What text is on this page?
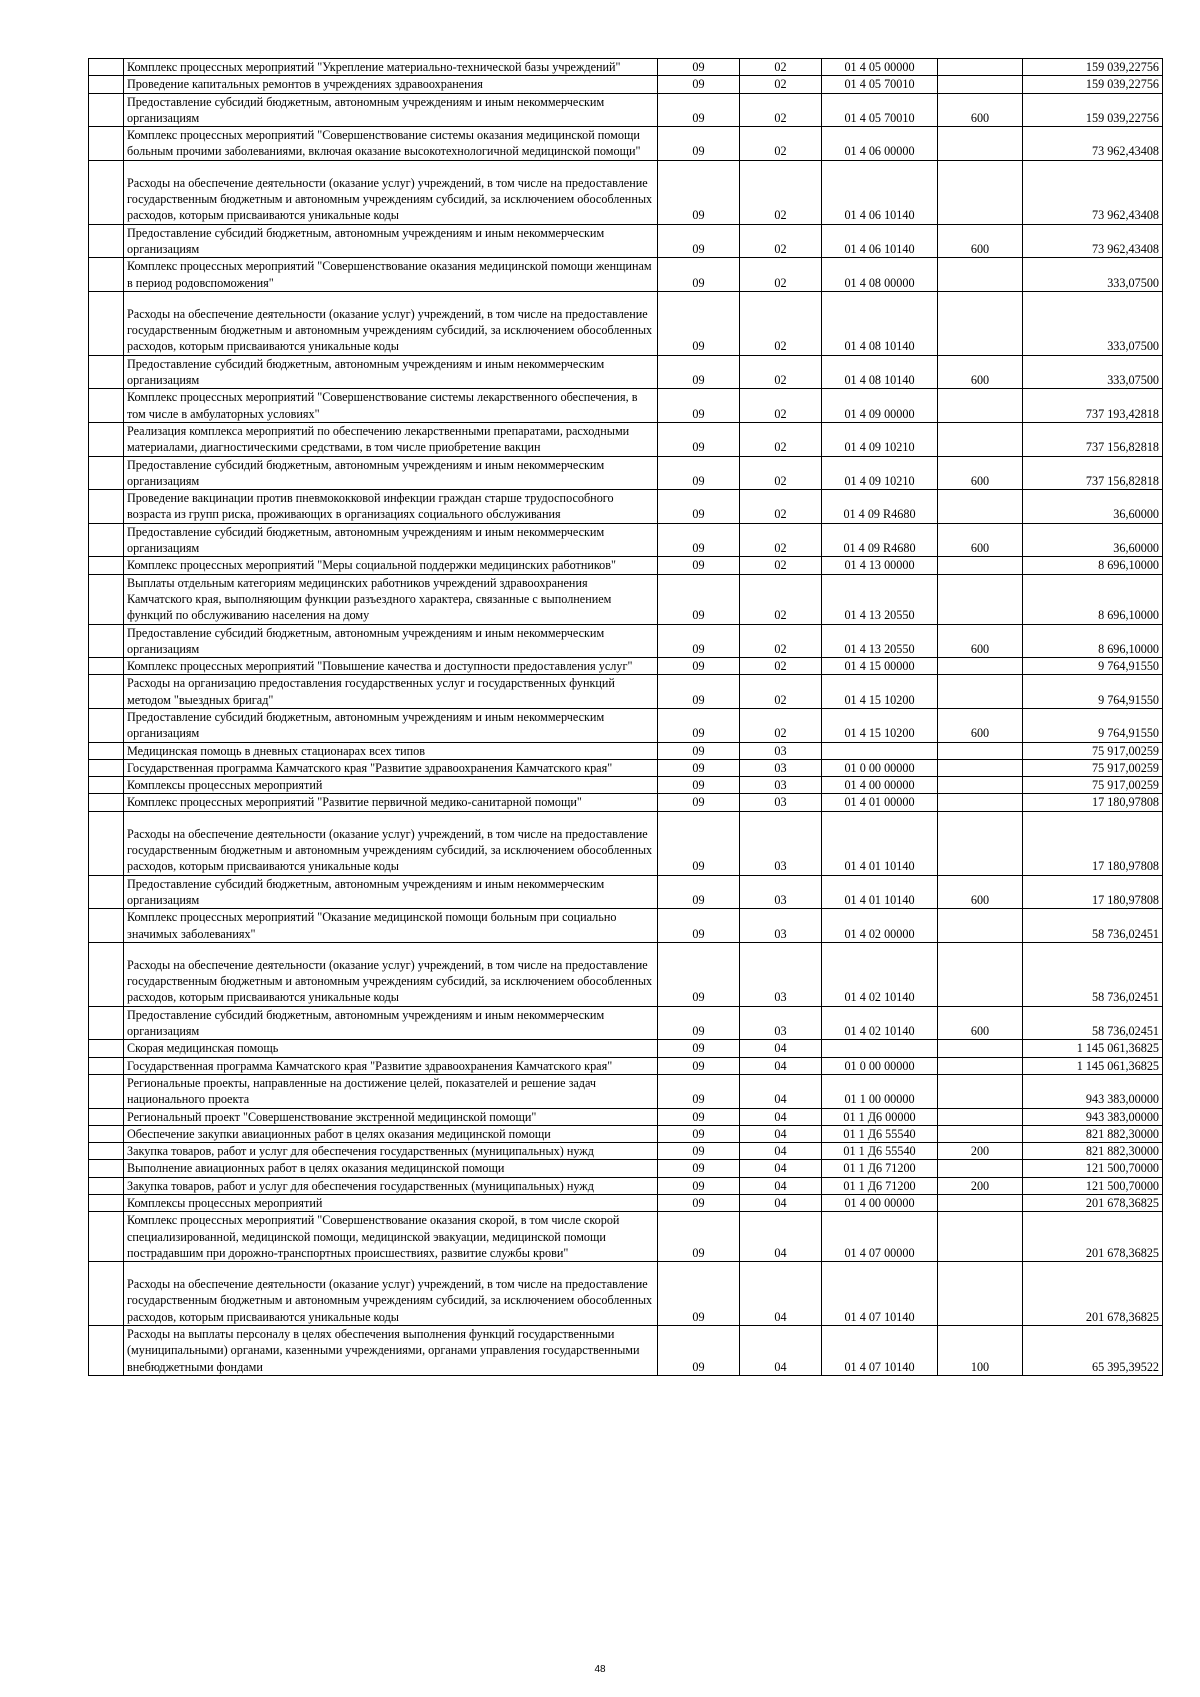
	Комплекс процессных мероприятий "Укрепление материально-технической базы учреждений"	09	02	01 4 05 00000		159 039,22756
	Проведение капитальных ремонтов в учреждениях здравоохранения	09	02	01 4 05 70010		159 039,22756
	Предоставление субсидий бюджетным, автономным учреждениям и иным некоммерческим организациям	09	02	01 4 05 70010	600	159 039,22756
	Комплекс процессных мероприятий "Совершенствование системы оказания медицинской помощи больным прочими заболеваниями, включая оказание высокотехнологичной медицинской помощи"	09	02	01 4 06 00000		73 962,43408
	Расходы на обеспечение деятельности (оказание услуг) учреждений, в том числе на предоставление государственным бюджетным и автономным учреждениям субсидий, за исключением обособленных расходов, которым присваиваются уникальные коды	09	02	01 4 06 10140		73 962,43408
	Предоставление субсидий бюджетным, автономным учреждениям и иным некоммерческим организациям	09	02	01 4 06 10140	600	73 962,43408
	Комплекс процессных мероприятий "Совершенствование оказания медицинской помощи женщинам в период родовспоможения"	09	02	01 4 08 00000		333,07500
	Расходы на обеспечение деятельности (оказание услуг) учреждений, в том числе на предоставление государственным бюджетным и автономным учреждениям субсидий, за исключением обособленных расходов, которым присваиваются уникальные коды	09	02	01 4 08 10140		333,07500
	Предоставление субсидий бюджетным, автономным учреждениям и иным некоммерческим организациям	09	02	01 4 08 10140	600	333,07500
	Комплекс процессных мероприятий "Совершенствование системы лекарственного обеспечения, в том числе в амбулаторных условиях"	09	02	01 4 09 00000		737 193,42818
	Реализация комплекса мероприятий по обеспечению лекарственными препаратами, расходными материалами, диагностическими средствами, в том числе приобретение вакцин	09	02	01 4 09 10210		737 156,82818
	Предоставление субсидий бюджетным, автономным учреждениям и иным некоммерческим организациям	09	02	01 4 09 10210	600	737 156,82818
	Проведение вакцинации против пневмококковой инфекции граждан старше трудоспособного возраста из групп риска, проживающих в организациях социального обслуживания	09	02	01 4 09 R4680		36,60000
	Предоставление субсидий бюджетным, автономным учреждениям и иным некоммерческим организациям	09	02	01 4 09 R4680	600	36,60000
	Комплекс процессных мероприятий "Меры социальной поддержки медицинских работников"	09	02	01 4 13 00000		8 696,10000
	Выплаты отдельным категориям медицинских работников учреждений здравоохранения Камчатского края, выполняющим функции разъездного характера, связанные с выполнением функций по обслуживанию населения на дому	09	02	01 4 13 20550		8 696,10000
	Предоставление субсидий бюджетным, автономным учреждениям и иным некоммерческим организациям	09	02	01 4 13 20550	600	8 696,10000
	Комплекс процессных мероприятий "Повышение качества и доступности предоставления услуг"	09	02	01 4 15 00000		9 764,91550
	Расходы на организацию предоставления государственных услуг и государственных функций методом "выездных бригад"	09	02	01 4 15 10200		9 764,91550
	Предоставление субсидий бюджетным, автономным учреждениям и иным некоммерческим организациям	09	02	01 4 15 10200	600	9 764,91550
	Медицинская помощь в дневных стационарах всех типов	09	03			75 917,00259
	Государственная программа Камчатского края "Развитие здравоохранения Камчатского края"	09	03	01 0 00 00000		75 917,00259
	Комплексы процессных мероприятий	09	03	01 4 00 00000		75 917,00259
	Комплекс процессных мероприятий "Развитие первичной медико-санитарной помощи"	09	03	01 4 01 00000		17 180,97808
	Расходы на обеспечение деятельности (оказание услуг) учреждений, в том числе на предоставление государственным бюджетным и автономным учреждениям субсидий, за исключением обособленных расходов, которым присваиваются уникальные коды	09	03	01 4 01 10140		17 180,97808
	Предоставление субсидий бюджетным, автономным учреждениям и иным некоммерческим организациям	09	03	01 4 01 10140	600	17 180,97808
	Комплекс процессных мероприятий "Оказание медицинской помощи больным при социально значимых заболеваниях"	09	03	01 4 02 00000		58 736,02451
	Расходы на обеспечение деятельности (оказание услуг) учреждений, в том числе на предоставление государственным бюджетным и автономным учреждениям субсидий, за исключением обособленных расходов, которым присваиваются уникальные коды	09	03	01 4 02 10140		58 736,02451
	Предоставление субсидий бюджетным, автономным учреждениям и иным некоммерческим организациям	09	03	01 4 02 10140	600	58 736,02451
	Скорая медицинская помощь	09	04			1 145 061,36825
	Государственная программа Камчатского края "Развитие здравоохранения Камчатского края"	09	04	01 0 00 00000		1 145 061,36825
	Региональные проекты, направленные на достижение целей, показателей и решение задач национального проекта	09	04	01 1 00 00000		943 383,00000
	Региональный проект "Совершенствование экстренной медицинской помощи"	09	04	01 1 Д6 00000		943 383,00000
	Обеспечение закупки авиационных работ в целях оказания медицинской помощи	09	04	01 1 Д6 55540		821 882,30000
	Закупка товаров, работ и услуг для обеспечения государственных (муниципальных) нужд	09	04	01 1 Д6 55540	200	821 882,30000
	Выполнение авиационных работ в целях оказания медицинской помощи	09	04	01 1 Д6 71200		121 500,70000
	Закупка товаров, работ и услуг для обеспечения государственных (муниципальных) нужд	09	04	01 1 Д6 71200	200	121 500,70000
	Комплексы процессных мероприятий	09	04	01 4 00 00000		201 678,36825
	Комплекс процессных мероприятий "Совершенствование оказания скорой, в том числе скорой специализированной, медицинской помощи, медицинской эвакуации, медицинской помощи пострадавшим при дорожно-транспортных происшествиях, развитие службы крови"	09	04	01 4 07 00000		201 678,36825
	Расходы на обеспечение деятельности (оказание услуг) учреждений, в том числе на предоставление государственным бюджетным и автономным учреждениям субсидий, за исключением обособленных расходов, которым присваиваются уникальные коды	09	04	01 4 07 10140		201 678,36825
	Расходы на выплаты персоналу в целях обеспечения выполнения функций государственными (муниципальными) органами, казенными учреждениями, органами управления государственными внебюджетными фондами	09	04	01 4 07 10140	100	65 395,39522
48
